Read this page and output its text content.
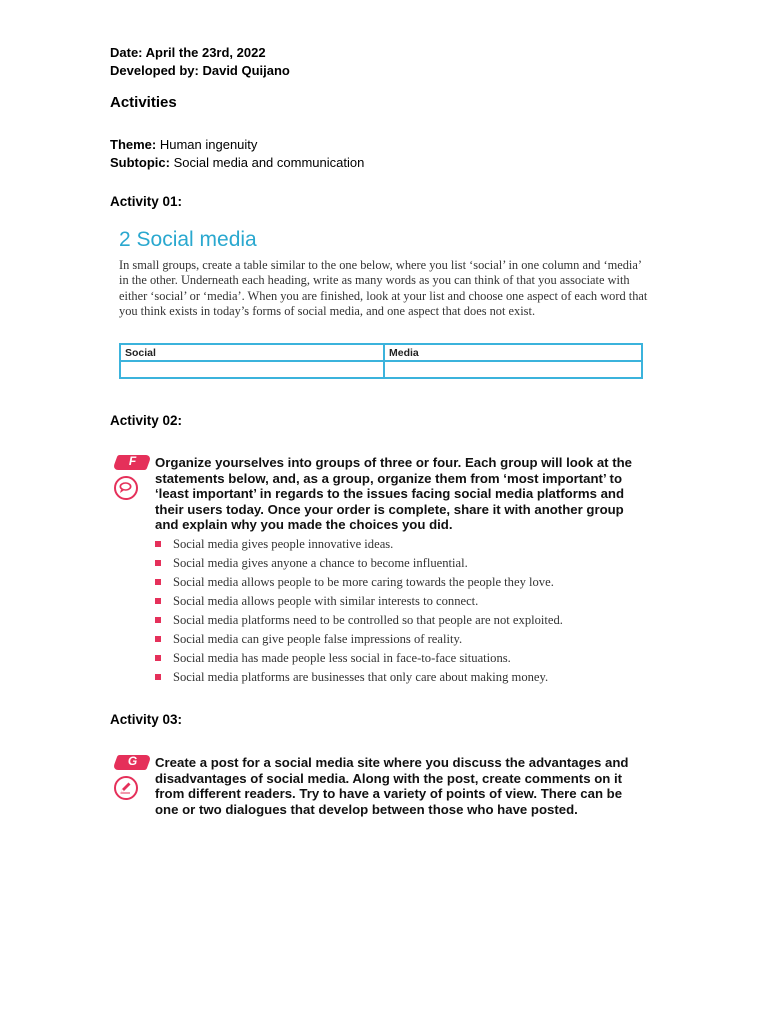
Date: April the 23rd, 2022
Developed by: David Quijano
Activities
Theme: Human ingenuity
Subtopic: Social media and communication
Activity 01:
2 Social media
In small groups, create a table similar to the one below, where you list ‘social’ in one column and ‘media’ in the other. Underneath each heading, write as many words as you can think of that you associate with either ‘social’ or ‘media’. When you are finished, look at your list and choose one aspect of each word that you think exists in today’s forms of social media, and one aspect that does not exist.
Social	Media

Activity 02:
F	Organize yourselves into groups of three or four. Each group will look at the statements below, and, as a group, organize them from ‘most important’ to ‘least important’ in regards to the issues facing social media platforms and their users today. Once your order is complete, share it with another group and explain why you made the choices you did.
Social media gives people innovative ideas.
Social media gives anyone a chance to become influential.
Social media allows people to be more caring towards the people they love.
Social media allows people with similar interests to connect.
Social media platforms need to be controlled so that people are not exploited.
Social media can give people false impressions of reality.
Social media has made people less social in face-to-face situations.
Social media platforms are businesses that only care about making money.
Activity 03:
G	Create a post for a social media site where you discuss the advantages and disadvantages of social media. Along with the post, create comments on it from different readers. Try to have a variety of points of view. There can be one or two dialogues that develop between those who have posted.
